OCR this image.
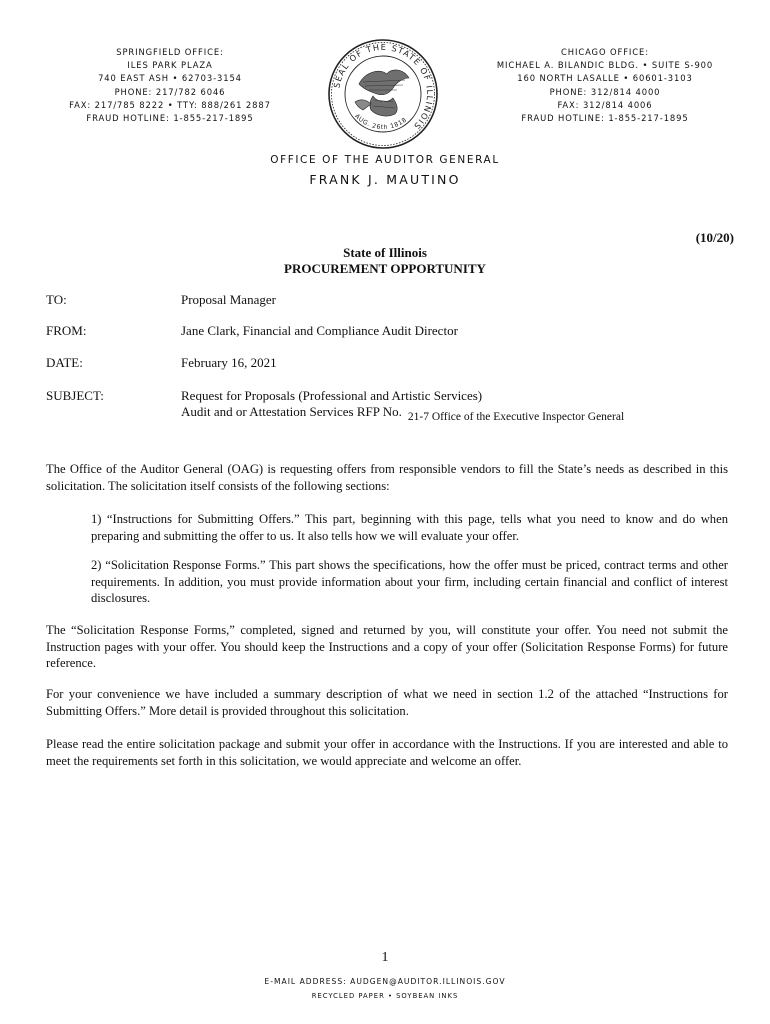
SPRINGFIELD OFFICE:
ILES PARK PLAZA
740 EAST ASH • 62703-3154
PHONE: 217/782 6046
FAX: 217/785 8222 • TTY: 888/261 2887
FRAUD HOTLINE: 1-855-217-1895
SEAL OF THE STATE OF ILLINOIS
AUG. 26th 1818
CHICAGO OFFICE:
MICHAEL A. BILANDIC BLDG. • SUITE S-900
160 NORTH LASALLE • 60601-3103
PHONE: 312/814 4000
FAX: 312/814 4006
FRAUD HOTLINE: 1-855-217-1895
OFFICE OF THE AUDITOR GENERAL
FRANK J. MAUTINO
(10/20)
State of Illinois
PROCUREMENT OPPORTUNITY
TO:	Proposal Manager
FROM:	Jane Clark, Financial and Compliance Audit Director
DATE:	February 16, 2021
SUBJECT:	Request for Proposals (Professional and Artistic Services)
Audit and or Attestation Services RFP No. 21-7 Office of the Executive Inspector General
The Office of the Auditor General (OAG) is requesting offers from responsible vendors to fill the State’s needs as described in this solicitation. The solicitation itself consists of the following sections:
1) “Instructions for Submitting Offers.” This part, beginning with this page, tells what you need to know and do when preparing and submitting the offer to us. It also tells how we will evaluate your offer.
2) “Solicitation Response Forms.” This part shows the specifications, how the offer must be priced, contract terms and other requirements. In addition, you must provide information about your firm, including certain financial and conflict of interest disclosures.
The “Solicitation Response Forms,” completed, signed and returned by you, will constitute your offer. You need not submit the Instruction pages with your offer. You should keep the Instructions and a copy of your offer (Solicitation Response Forms) for future reference.
For your convenience we have included a summary description of what we need in section 1.2 of the attached “Instructions for Submitting Offers.” More detail is provided throughout this solicitation.
Please read the entire solicitation package and submit your offer in accordance with the Instructions. If you are interested and able to meet the requirements set forth in this solicitation, we would appreciate and welcome an offer.
1
E-MAIL ADDRESS: AUDGEN@AUDITOR.ILLINOIS.GOV
RECYCLED PAPER • SOYBEAN INKS
